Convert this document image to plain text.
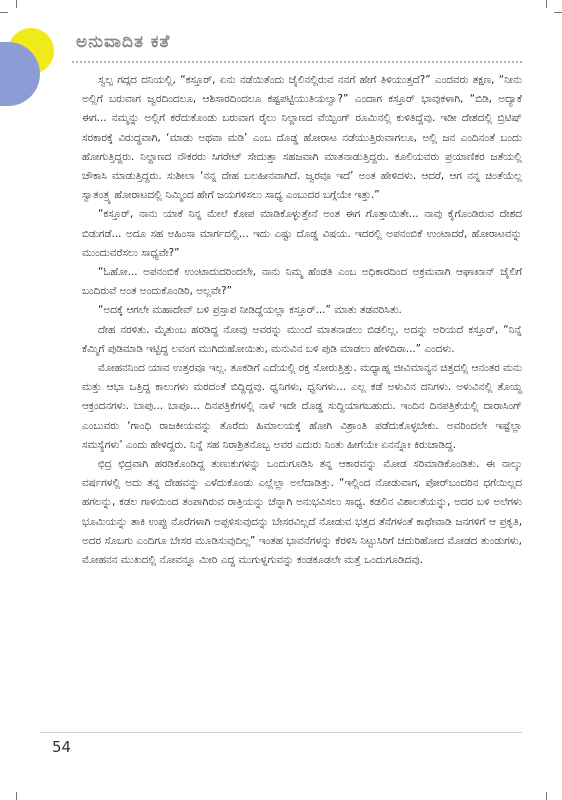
ಅನುವಾದಿತ ಕತೆ

ಸ್ವಲ್ಪ ಗದ್ಗದ ದನಿಯಲ್ಲಿ, “ಕಸ್ತೂರ್, ಏನು ನಡೆಯಿತೆಂದು ಜೈಲಿನಲ್ಲಿರುವ ನನಗೆ ಹೇಗೆ ತಿಳಿಯುತ್ತದೆ?” ಎಂದವರು ತಕ್ಷಣ, “ನೀನು ಅಲ್ಲಿಗೆ ಬರುವಾಗ ಜ್ವರದಿಂದಲೂ, ಆಶಿಸಾರದಿಂದಲೂ ಕಷ್ಟಪಟ್ಟಿಯುತಿಯಲ್ವಾ?” ಎಂದಾಗ ಕಸ್ತೂರ್ ಭಾವುಕಳಾಗಿ, “ಬಿಡಿ, ಅದ್ಯಾಕೆ ಈಗ... ನಮ್ಮನ್ನು ಅಲ್ಲಿಗೆ ಕರೆದುಕೊಂಡು ಬರುವಾಗ ರೈಲು ನಿಲ್ದಾಣದ ವೆಯ್ಟಿಂಗ್ ರೂಮಿನಲ್ಲಿ ಕುಳಿತಿದ್ದೆವು. ಇಡೀ ದೇಶದಲ್ಲಿ ಬ್ರಿಟಿಷ್ ಸರಕಾರಕ್ಕೆ ವಿರುದ್ಧವಾಗಿ, ‘ಮಾಡು ಅಥವಾ ಮಡಿ’ ಎಂಬ ದೊಡ್ಡ ಹೋರಾಟ ನಡೆಯುತ್ತಿರುವಾಗಲೂ, ಅಲ್ಲಿ ಜನ ಎಂದಿನಂತೆ ಬಂದು ಹೋಗುತ್ತಿದ್ದರು. ನಿಲ್ದಾಣದ ನೌಕರರು ಸಿಗರೇಟ್ ಸೇದುತ್ತಾ ಸಹಜವಾಗಿ ಮಾತನಾಡುತ್ತಿದ್ದರು. ಕೂಲಿಯವರು ಪ್ರಯಾಣಿಕರ ಜತೆಯಲ್ಲಿ ಚೌಕಾಸಿ ಮಾಡುತ್ತಿದ್ದರು. ಸುಶೀಲಾ ‘ನನ್ನ ದೇಹ ಬಲಹೀನವಾಗಿದೆ. ಜ್ವರವೂ ಇದೆ’ ಅಂತ ಹೇಳಿದಳು. ಆದರೆ, ಆಗ ನನ್ನ ಚಿಂತೆಯೆಲ್ಲ ಸ್ವಾತಂತ್ರ್ಯ ಹೋರಾಟದಲ್ಲಿ ನಿಮ್ಮಿಂದ ಹೇಗೆ ಜಯಗಳಿಸಲು ಸಾಧ್ಯ ಎಂಬುದರ ಬಗ್ಗೆಯೇ ಇತ್ತು.”

“ಕಸ್ತೂರ್, ನಾನು ಯಾಕೆ ನಿನ್ನ ಮೇಲೆ ಕೋಪ ಮಾಡಿಕೊಳ್ಳುತ್ತೇನೆ ಅಂತ ಈಗ ಗೊತ್ತಾಯಿತೇ... ನಾವು ಕೈಗೊಂಡಿರುವ ದೇಶದ ಬಿಡುಗಡೆ... ಅದೂ ಸಹ ಅಹಿಂಸಾ ಮಾರ್ಗದಲ್ಲಿ... ಇದು ಎಷ್ಟು ದೊಡ್ಡ ವಿಷಯ. ಇದರಲ್ಲಿ ಅಪನಂಬಿಕೆ ಉಂಟಾದರೆ, ಹೋರಾಟವನ್ನು ಮುಂದುವರೆಸಲು ಸಾಧ್ಯವೇ?”

“ಓಹೋ... ಅಪನಂಬಿಕೆ ಉಂಟಾದುದರಿಂದಲೇ, ನಾನು ನಿಮ್ಮ ಹೆಂಡತಿ ಎಂಬ ಅಧಿಕಾರದಿಂದ ಅಕ್ರಮವಾಗಿ ಆಘಾಖಾನ್ ಜೈಲಿಗೆ ಬಂದಿರುವೆ ಅಂತ ಅಂದುಕೊಂಡಿರಿ, ಅಲ್ಲವೇ?”

“ಅದಕ್ಕೆ ಆಗಲೇ ಮಹಾದೇವ್ ಬಳಿ ಪ್ರಸ್ತಾಪ ನೀಡಿದ್ದೆಯಲ್ಲಾ ಕಸ್ತೂರ್...” ಮಾತು ತಡವರಿಸಿತು.

ದೇಹ ನರಳಿತು. ಮೈತುಂಬ ಹರಡಿದ್ದ ನೋವು ಅವರನ್ನು ಮುಂದೆ ಮಾತನಾಡಲು ಬಿಡಲಿಲ್ಲ. ಅದನ್ನು ಅರಿಯದೆ ಕಸ್ತೂರ್, “ನಿನ್ನೆ ಕೆಮ್ಮಿಗೆ ಪುಡಿಮಾಡಿ ಇಟ್ಟಿದ್ದ ಲವಂಗ ಮುಗಿದುಹೋಯಿತು, ಮನುವಿನ ಬಳಿ ಪುಡಿ ಮಾಡಲು ಹೇಳಿದಿರಾ...” ಎಂದಳು.

ಮೋಹನನಿಂದ ಯಾವ ಉತ್ತರವೂ ಇಲ್ಲ. ತೂಕಡಿಗೆ ಎದೆಯಲ್ಲಿ ರಕ್ತ ಸೋರುತ್ತಿತ್ತು. ಮಧ್ಯಾಹ್ನ ಜೀವಿಮಾನ್ಯನ ಚಿತ್ತದಲ್ಲಿ ಆನಂತರ ಮನು ಮತ್ತು ಆಭಾ ಒತ್ತಿದ್ದ ಕಾಲುಗಳು ಮರದಂತೆ ಬಿದ್ದಿದ್ದವು. ಧ್ವನಿಗಳು, ಧ್ವನಿಗಳು... ಎಲ್ಲ ಕಡೆ ಅಳುವಿನ ದನಿಗಳು. ಅಳುವಿನಲ್ಲಿ ತೊಯ್ದ ಆಕ್ರಂದನಗಳು. ಬಾಪು... ಬಾಪೂ... ದಿನಪತ್ರಿಕೆಗಳಲ್ಲಿ ನಾಳೆ ಇದೇ ದೊಡ್ಡ ಸುದ್ದಿಯಾಗಬಹುದು. ಇಂದಿನ ದಿನಪತ್ರಿಕೆಯಲ್ಲಿ ದಾರಾಸಿಂಗ್ ಎಂಬುವರು ‘ಗಾಂಧಿ ರಾಜಕೀಯವನ್ನು ತೊರೆದು ಹಿಮಾಲಯಕ್ಕೆ ಹೋಗಿ ವಿಶ್ರಾಂತಿ ಪಡೆದುಕೊಳ್ಳಬೇಕು. ಅವರಿಂದಲೇ ಇಷ್ಟೆಲ್ಲಾ ಸಮಸ್ಯೆಗಳು’ ಎಂದು ಹೇಳಿದ್ದರು. ನಿನ್ನೆ ಸಹ ನಿರಾಶ್ರಿತನೊಬ್ಬ ಅವರ ಎದುರು ನಿಂತು ಹೀಗೆಯೇ ಏನನ್ನೋ ಕಿರುಚಾಡಿದ್ದ.

ಛಿದ್ರ ಛಿದ್ರವಾಗಿ ಹರಡಿಕೊಂಡಿದ್ದ ತುಣುಕುಗಳನ್ನು ಒಂದುಗೂಡಿಸಿ ತನ್ನ ಆಕಾರವನ್ನು ಮೋಡ ಸರಿಮಾಡಿಕೊಂಡಿತು. ಈ ನಾಲ್ಕು ವರ್ಷಗಳಲ್ಲಿ ಅದು ತನ್ನ ದೇಹವನ್ನು ಎಳೆದುಕೊಂಡು ಎಲ್ಲೆಲ್ಲಾ ಅಲೆದಾಡಿತ್ತು. “ಇಲ್ಲಿಂದ ನೋಡುವಾಗ, ಪೋರ್‌ಬಂದರಿನ ಧಗೆಯಿಲ್ಲದ ಹಗಲನ್ನು, ಕಡಲ ಗಾಳಿಯಿಂದ ತಂಪಾಗಿರುವ ರಾತ್ರಿಯನ್ನು ಚೆನ್ನಾಗಿ ಅನುಭವಿಸಲು ಸಾಧ್ಯ. ಕಡಲಿನ ವಿಶಾಲತೆಯನ್ನು, ಅದರ ಬಳಿ ಅಲೆಗಳು ಭೂಮಿಯನ್ನು ತಾಕಿ ಉಪ್ಪು ನೊರೆಗಳಾಗಿ ಅಪ್ಪಳಿಸುವುದನ್ನು ಬೇಸರವಿಲ್ಲದೆ ನೋಡುವ ಭತ್ತದ ತೆನೆಗಳಂತೆ ಕಾಥೇವಾಡಿ ಜನಗಳಿಗೆ ಆ ಪ್ರಕೃತಿ, ಅದರ ಸೊಬಗು ಎಂದಿಗೂ ಬೇಸರ ಮೂಡಿಸುವುದಿಲ್ಲ” ಇಂತಹ ಭಾವನೆಗಳನ್ನು ಕೆರಳಿಸಿ ನಿಟ್ಟುಸಿರಿಗೆ ಚದುರಿಹೋದ ಮೋಡದ ತುಂಡುಗಳು, ಮೋಹನನ ಮುಖದಲ್ಲಿ ನೋವನ್ನೂ ಮೀರಿ ಎದ್ದ ಮುಗುಳ್ನಗುವನ್ನು ಕಂಡಕೂಡಲೇ ಮತ್ತೆ ಒಂದುಗೂಡಿದವು.

54
